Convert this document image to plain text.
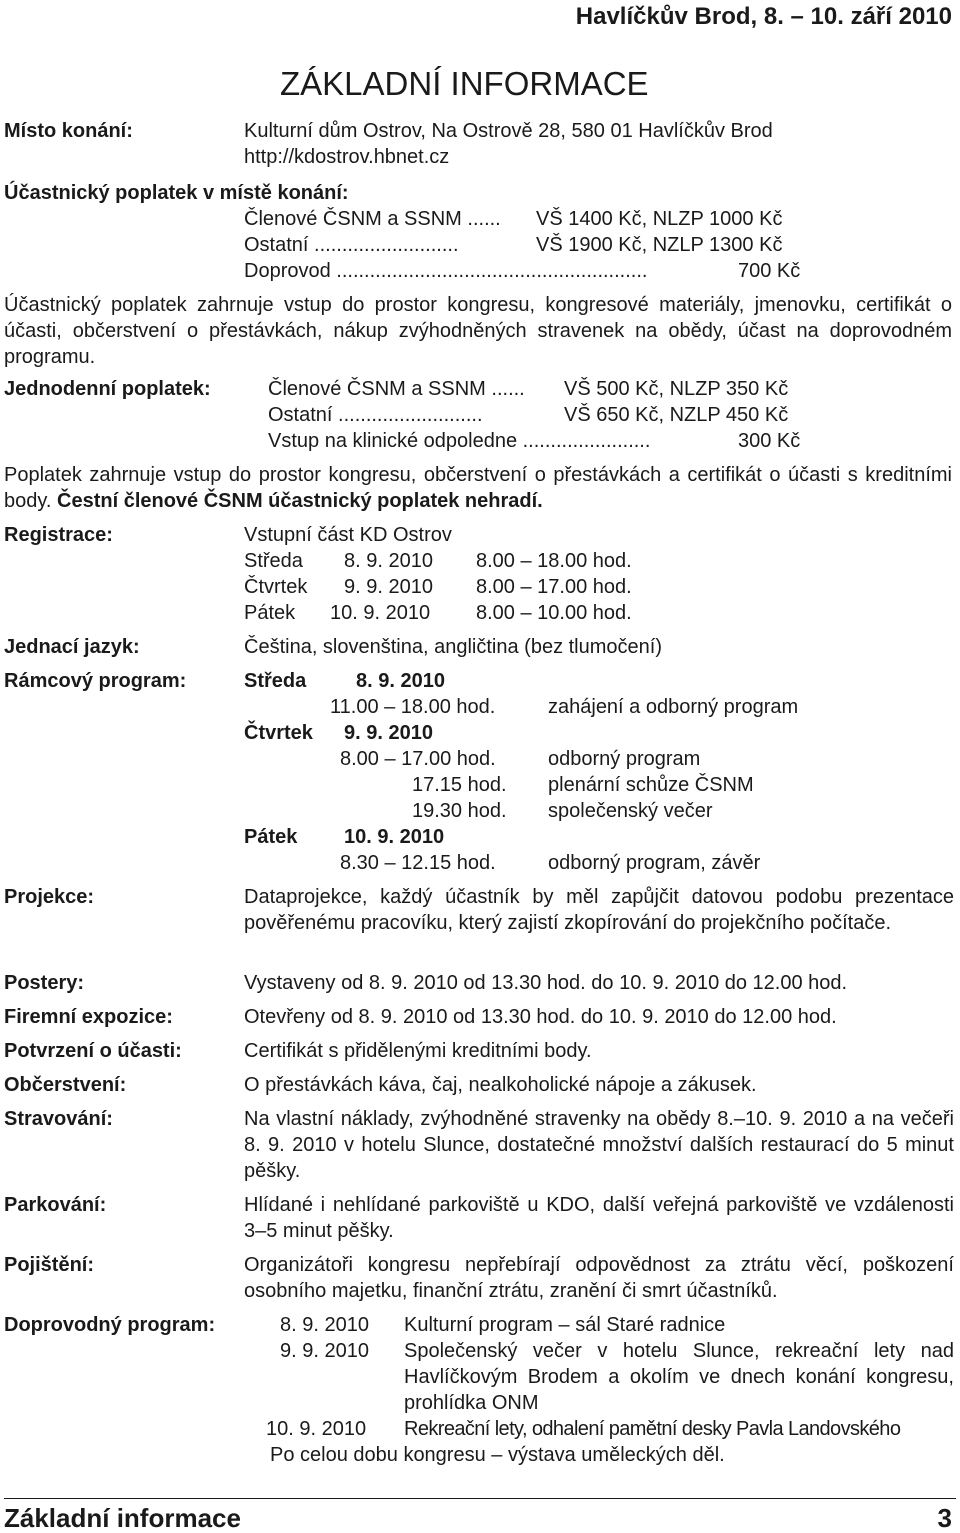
Havlíčkův Brod, 8. – 10. září 2010
ZÁKLADNÍ INFORMACE
Místo konání:	Kulturní dům Ostrov, Na Ostrově 28, 580 01 Havlíčkův Brod
http://kdostrov.hbnet.cz
Účastnický poplatek v místě konání:
Členové ČSNM a SSNM ...... VŠ 1400 Kč, NLZP 1000 Kč
Ostatní ..........................	VŠ 1900 Kč, NZLP 1300 Kč
Doprovod ........................................................	700 Kč
Účastnický poplatek zahrnuje vstup do prostor kongresu, kongresové materiály, jmenovku, certifikát o účasti, občerstvení o přestávkách, nákup zvýhodněných stravenek na obědy, účast na doprovodném programu.
Jednodenní poplatek:	Členové ČSNM a SSNM ...... VŠ 500 Kč, NLZP 350 Kč
Ostatní ..........................	VŠ 650 Kč, NZLP 450 Kč
Vstup na klinické odpoledne .......................	300 Kč
Poplatek zahrnuje vstup do prostor kongresu, občerstvení o přestávkách a certifikát o účasti s kreditními body. Čestní členové ČSNM účastnický poplatek nehradí.
Registrace:	Vstupní část KD Ostrov
Středa 8. 9. 2010 8.00 – 18.00 hod.
Čtvrtek 9. 9. 2010 8.00 – 17.00 hod.
Pátek 10. 9. 2010 8.00 – 10.00 hod.
Jednací jazyk:	Čeština, slovenština, angličtina (bez tlumočení)
Rámcový program:	Středa 8. 9. 2010
11.00 – 18.00 hod.	zahájení a odborný program
Čtvrtek 9. 9. 2010
8.00 – 17.00 hod.	odborný program
17.15 hod. plenární schůze ČSNM
19.30 hod. společenský večer
Pátek 10. 9. 2010
8.30 – 12.15 hod.	odborný program, závěr
Projekce:	Dataprojekce, každý účastník by měl zapůjčit datovou podobu prezentace pověřenému pracovíku, který zajistí zkopírování do projekčního počítače.
Postery:	Vystaveny od 8. 9. 2010 od 13.30 hod. do 10. 9. 2010 do 12.00 hod.
Firemní expozice:	Otevřeny od 8. 9. 2010 od 13.30 hod. do 10. 9. 2010 do 12.00 hod.
Potvrzení o účasti:	Certifikát s přidělenými kreditními body.
Občerstvení:	O přestávkách káva, čaj, nealkoholické nápoje a zákusek.
Stravování:	Na vlastní náklady, zvýhodněné stravenky na obědy 8.–10. 9. 2010 a na večeři 8. 9. 2010 v hotelu Slunce, dostatečné množství dalších restaurací do 5 minut pěšky.
Parkování:	Hlídané i nehlídané parkoviště u KDO, další veřejná parkoviště ve vzdálenosti 3–5 minut pěšky.
Pojištění:	Organizátoři kongresu nepřebírají odpovědnost za ztrátu věcí, poškození osobního majetku, finanční ztrátu, zranění či smrt účastníků.
Doprovodný program:	8. 9. 2010 Kulturní program – sál Staré radnice
9. 9. 2010 Společenský večer v hotelu Slunce, rekreační lety nad Havlíčkovým Brodem a okolím ve dnech konání kongresu, prohlídka ONM
10. 9. 2010 Rekreační lety, odhalení pamětní desky Pavla Landovského
Po celou dobu kongresu – výstava uměleckých děl.
Základní informace	3
